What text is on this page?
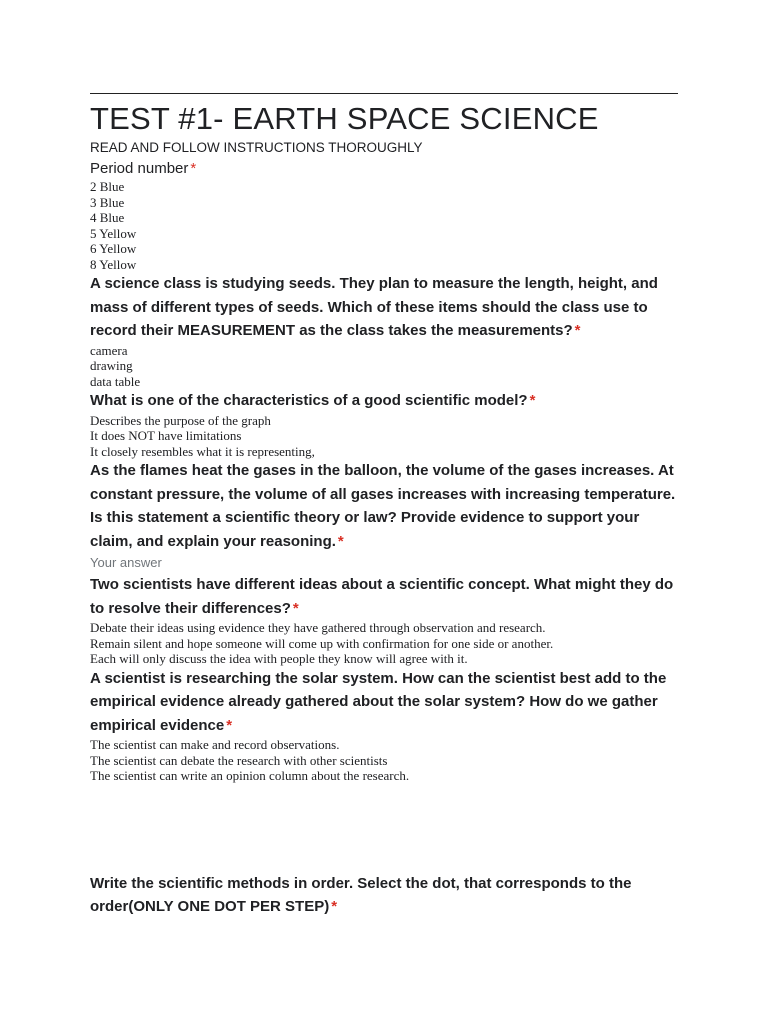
TEST #1- EARTH SPACE SCIENCE

READ AND FOLLOW INSTRUCTIONS THOROUGHLY

Period number *

2 Blue
3 Blue
4 Blue
5 Yellow
6 Yellow
8 Yellow

A science class is studying seeds. They plan to measure the length, height, and mass of different types of seeds. Which of these items should the class use to record their MEASUREMENT as the class takes the measurements? *

camera
drawing
data table

What is one of the characteristics of a good scientific model? *

Describes the purpose of the graph
It does NOT have limitations
It closely resembles what it is representing,

As the flames heat the gases in the balloon, the volume of the gases increases. At constant pressure, the volume of all gases increases with increasing temperature. Is this statement a scientific theory or law? Provide evidence to support your claim, and explain your reasoning. *

Your answer

Two scientists have different ideas about a scientific concept. What might they do to resolve their differences? *

Debate their ideas using evidence they have gathered through observation and research.
Remain silent and hope someone will come up with confirmation for one side or another.
Each will only discuss the idea with people they know will agree with it.

A scientist is researching the solar system. How can the scientist best add to the empirical evidence already gathered about the solar system? How do we gather empirical evidence *

The scientist can make and record observations.
The scientist can debate the research with other scientists
The scientist can write an opinion column about the research.

Write the scientific methods in order. Select the dot, that corresponds to the order(ONLY ONE DOT PER STEP) *
